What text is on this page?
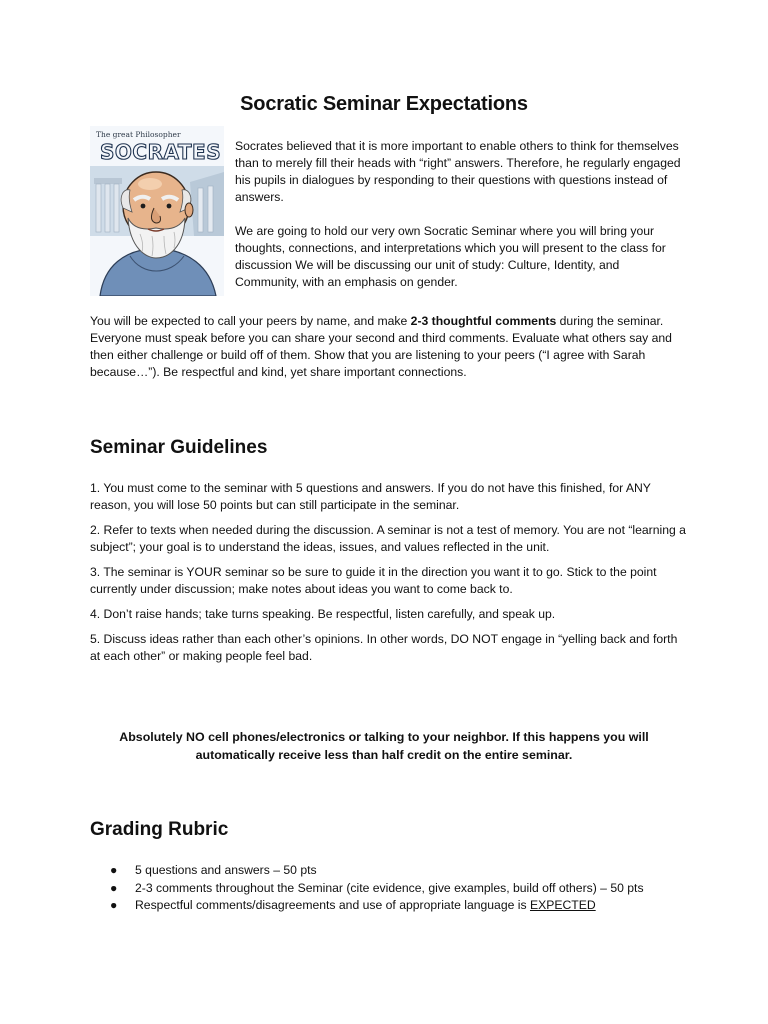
Socratic Seminar Expectations
The great Philosopher
SOCRATES Socrates believed that it is more important to enable others to think for themselves than to merely fill their heads with “right” answers. Therefore, he regularly engaged his pupils in dialogues by responding to their questions with questions instead of answers.

We are going to hold our very own Socratic Seminar where you will bring your thoughts, connections, and interpretations which you will present to the class for discussion We will be discussing our unit of study: Culture, Identity, and Community, with an emphasis on gender.

You will be expected to call your peers by name, and make 2-3 thoughtful comments during the seminar. Everyone must speak before you can share your second and third comments. Evaluate what others say and then either challenge or build off of them. Show that you are listening to your peers (“I agree with Sarah because…”). Be respectful and kind, yet share important connections.

Seminar Guidelines

1. You must come to the seminar with 5 questions and answers. If you do not have this finished, for ANY reason, you will lose 50 points but can still participate in the seminar.

2. Refer to texts when needed during the discussion. A seminar is not a test of memory. You are not “learning a subject”; your goal is to understand the ideas, issues, and values reflected in the unit.

3. The seminar is YOUR seminar so be sure to guide it in the direction you want it to go. Stick to the point currently under discussion; make notes about ideas you want to come back to.

4. Don’t raise hands; take turns speaking. Be respectful, listen carefully, and speak up.

5. Discuss ideas rather than each other’s opinions. In other words, DO NOT engage in “yelling back and forth at each other” or making people feel bad.

Absolutely NO cell phones/electronics or talking to your neighbor. If this happens you will automatically receive less than half credit on the entire seminar.
Grading Rubric
● 5 questions and answers – 50 pts
● 2-3 comments throughout the Seminar (cite evidence, give examples, build off others) – 50 pts
● Respectful comments/disagreements and use of appropriate language is EXPECTED
